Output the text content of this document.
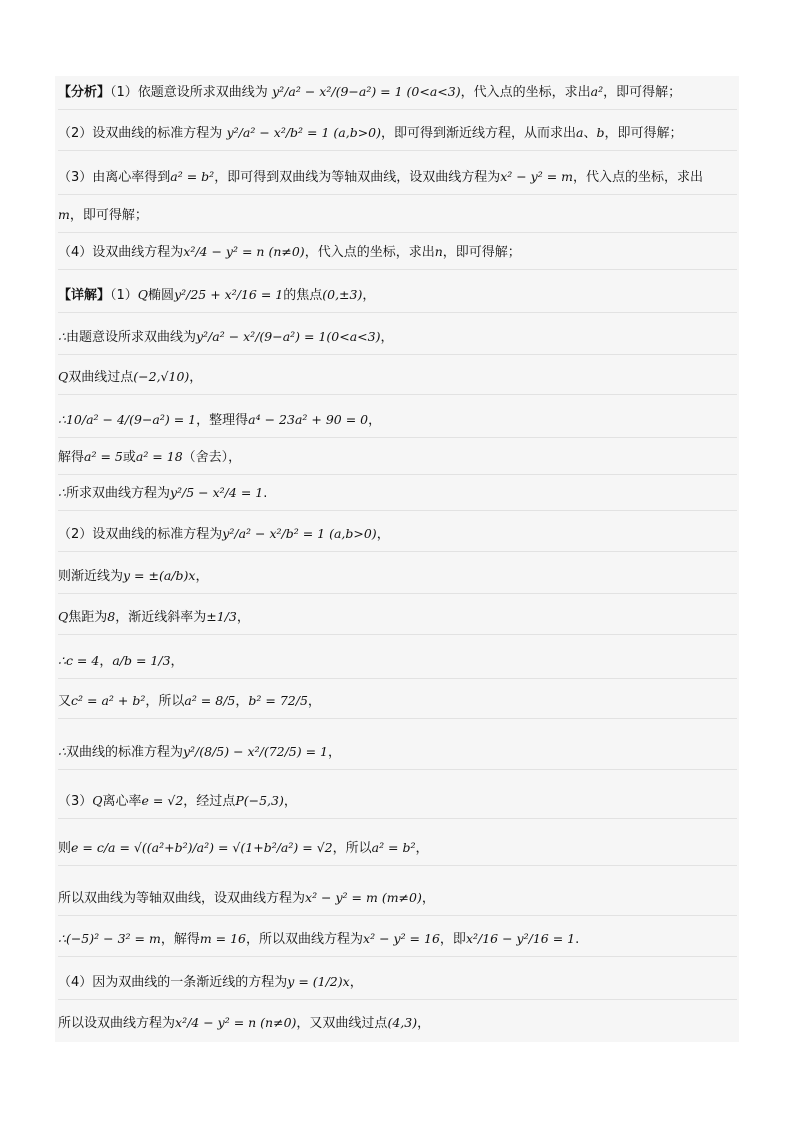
【分析】（1）依题意设所求双曲线为 y²/a² − x²/(9−a²) = 1 (0<a<3)，代入点的坐标，求出a²，即可得解；
（2）设双曲线的标准方程为 y²/a² − x²/b² = 1 (a,b>0)，即可得到渐近线方程，从而求出a、b，即可得解；
（3）由离心率得到a² = b²，即可得到双曲线为等轴双曲线，设双曲线方程为x² − y² = m，代入点的坐标，求出
m，即可得解；
（4）设双曲线方程为x²/4 − y² = n (n≠0)，代入点的坐标，求出n，即可得解；
【详解】（1）Q椭圆y²/25 + x²/16 = 1的焦点(0,±3)，
∴由题意设所求双曲线为y²/a² − x²/(9−a²) = 1(0<a<3)，
Q双曲线过点(−2,√10)，
∴10/a² − 4/(9−a²) = 1，整理得a⁴ − 23a² + 90 = 0，
解得a² = 5或a² = 18（舍去），
∴所求双曲线方程为y²/5 − x²/4 = 1.
（2）设双曲线的标准方程为y²/a² − x²/b² = 1 (a,b>0)，
则渐近线为y = ±(a/b)x，
Q焦距为8，渐近线斜率为±1/3，
∴c = 4，a/b = 1/3，
又c² = a² + b²，所以a² = 8/5，b² = 72/5，
∴双曲线的标准方程为y²/(8/5) − x²/(72/5) = 1，
（3）Q离心率e = √2，经过点P(−5,3)，
则e = c/a = √((a²+b²)/a²) = √(1+b²/a²) = √2，所以a² = b²，
所以双曲线为等轴双曲线，设双曲线方程为x² − y² = m (m≠0)，
∴(−5)² − 3² = m，解得m = 16，所以双曲线方程为x² − y² = 16，即x²/16 − y²/16 = 1.
（4）因为双曲线的一条渐近线的方程为y = (1/2)x，
所以设双曲线方程为x²/4 − y² = n (n≠0)，又双曲线过点(4,3)，
